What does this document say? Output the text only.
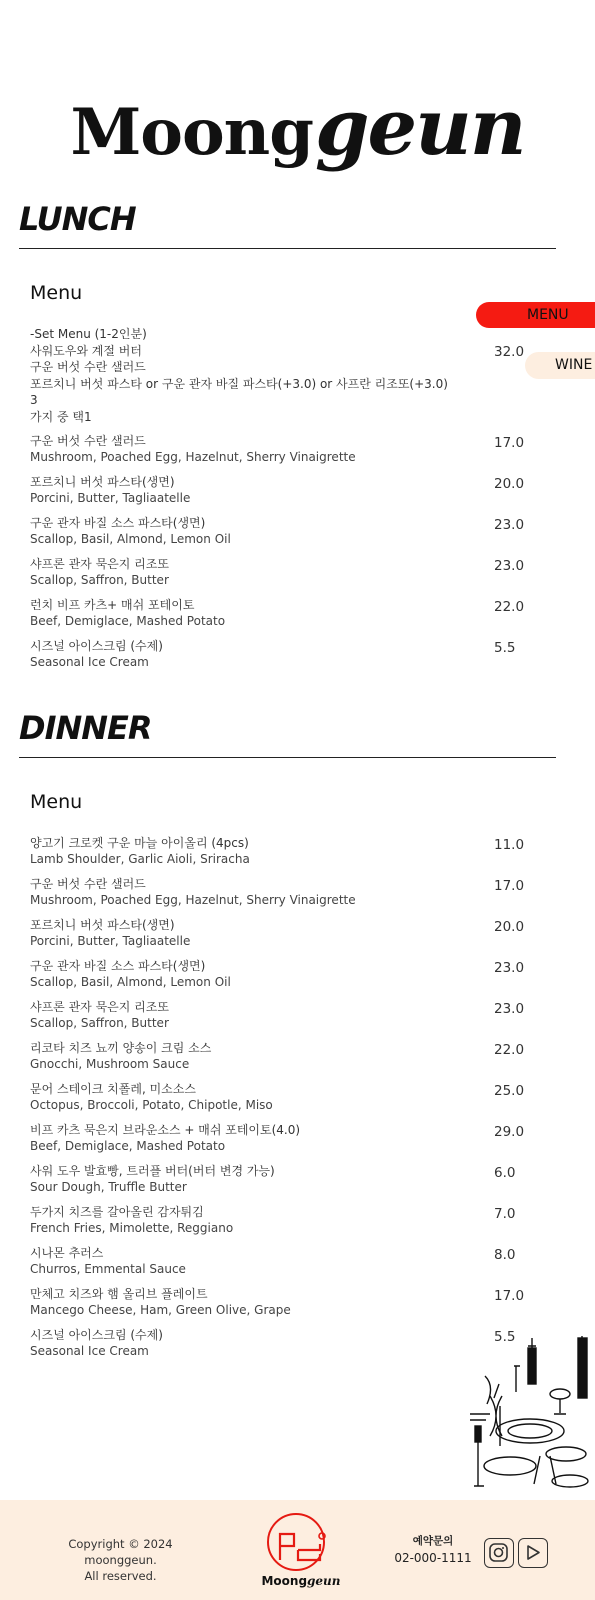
Moonggeun
LUNCH
Menu
-Set Menu (1-2인분)
사워도우와 계절 버터
구운 버섯 수란 샐러드
포르치니 버섯 파스타 or 구운 관자 바질 파스타(+3.0) or 사프란 리조또(+3.0) 3
가지 중 택1
32.0
구운 버섯 수란 샐러드
Mushroom, Poached Egg, Hazelnut, Sherry Vinaigrette
17.0
포르치니 버섯 파스타(생면)
Porcini, Butter, Tagliaatelle
20.0
구운 관자 바질 소스 파스타(생면)
Scallop, Basil, Almond, Lemon Oil
23.0
샤프론 관자 묵은지 리조또
Scallop, Saffron, Butter
23.0
런치 비프 카츠+ 매쉬 포테이토
Beef, Demiglace, Mashed Potato
22.0
시즈널 아이스크림 (수제)
Seasonal Ice Cream
5.5
MENU
WINE
DINNER
Menu
양고기 크로켓 구운 마늘 아이올리 (4pcs)
Lamb Shoulder, Garlic Aioli, Sriracha
11.0
구운 버섯 수란 샐러드
Mushroom, Poached Egg, Hazelnut, Sherry Vinaigrette
17.0
포르치니 버섯 파스타(생면)
Porcini, Butter, Tagliaatelle
20.0
구운 관자 바질 소스 파스타(생면)
Scallop, Basil, Almond, Lemon Oil
23.0
샤프론 관자 묵은지 리조또
Scallop, Saffron, Butter
23.0
리코타 치즈 뇨끼 양송이 크림 소스
Gnocchi, Mushroom Sauce
22.0
문어 스테이크 치폴레, 미소소스
Octopus, Broccoli, Potato, Chipotle, Miso
25.0
비프 카츠 묵은지 브라운소스 + 매쉬 포테이토(4.0)
Beef, Demiglace, Mashed Potato
29.0
사워 도우 발효빵, 트러플 버터(버터 변경 가능)
Sour Dough, Truffle Butter
6.0
두가지 치즈를 갈아올린 감자튀김
French Fries, Mimolette, Reggiano
7.0
시나몬 추러스
Churros, Emmental Sauce
8.0
만체고 치즈와 햄 올리브 플레이트
Mancego Cheese, Ham, Green Olive, Grape
17.0
시즈널 아이스크림 (수제)
Seasonal Ice Cream
5.5
Copyright © 2024 moonggeun.
All reserved.	Moonggeun
예약문의
02-000-1111
